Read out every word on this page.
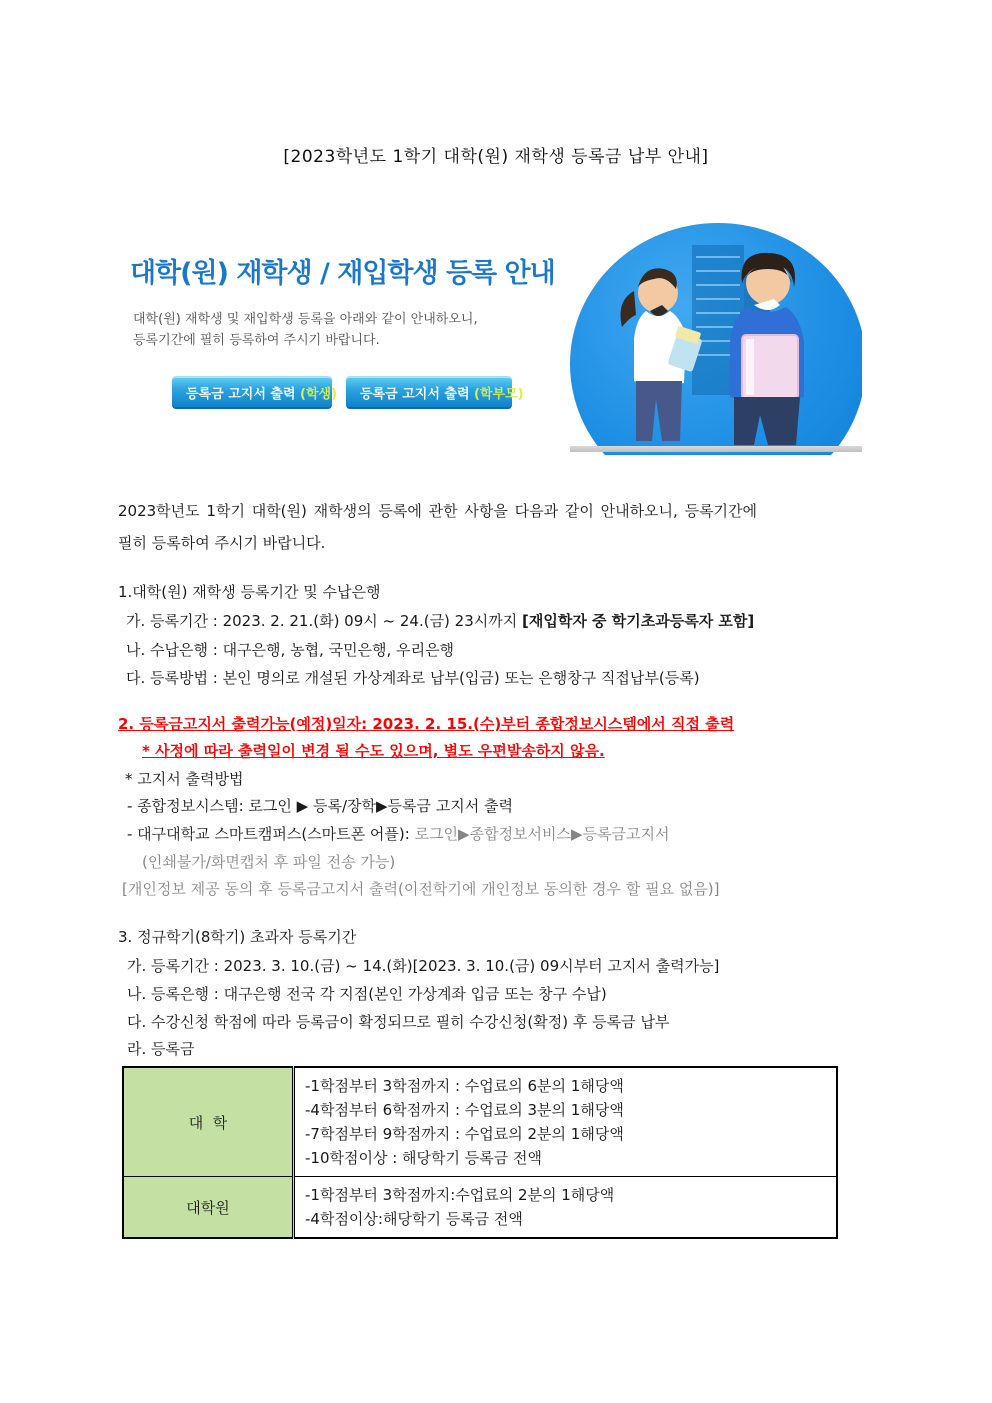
[2023학년도 1학기 대학(원) 재학생 등록금 납부 안내]
대학(원) 재학생 / 재입학생 등록 안내
대학(원) 재학생 및 재입학생 등록을 아래와 같이 안내하오니,
등록기간에 필히 등록하여 주시기 바랍니다.
등록금 고지서 출력 (학생)	등록금 고지서 출력 (학부모)
2023학년도 1학기 대학(원) 재학생의 등록에 관한 사항을 다음과 같이 안내하오니, 등록기간에
필히 등록하여 주시기 바랍니다.
1.대학(원) 재학생 등록기간 및 수납은행
가. 등록기간 : 2023. 2. 21.(화) 09시 ~ 24.(금) 23시까지 [재입학자 중 학기초과등록자 포함]
나. 수납은행 : 대구은행, 농협, 국민은행, 우리은행
다. 등록방법 : 본인 명의로 개설된 가상계좌로 납부(입금) 또는 은행창구 직접납부(등록)
2. 등록금고지서 출력가능(예정)일자: 2023. 2. 15.(수)부터 종합정보시스템에서 직접 출력
* 사정에 따라 출력일이 변경 될 수도 있으며, 별도 우편발송하지 않음.
* 고지서 출력방법
- 종합정보시스템: 로그인 ▶ 등록/장학▶등록금 고지서 출력
- 대구대학교 스마트캠퍼스(스마트폰 어플): 로그인▶종합정보서비스▶등록금고지서
(인쇄불가/화면캡처 후 파일 전송 가능)
[개인정보 제공 동의 후 등록금고지서 출력(이전학기에 개인정보 동의한 경우 할 필요 없음)]
3. 정규학기(8학기) 초과자 등록기간
가. 등록기간 : 2023. 3. 10.(금) ~ 14.(화)[2023. 3. 10.(금) 09시부터 고지서 출력가능]
나. 등록은행 : 대구은행 전국 각 지점(본인 가상계좌 입금 또는 창구 수납)
다. 수강신청 학점에 따라 등록금이 확정되므로 필히 수강신청(확정) 후 등록금 납부
라. 등록금
대  학	-1학점부터 3학점까지 : 수업료의 6분의 1해당액
-4학점부터 6학점까지 : 수업료의 3분의 1해당액
-7학점부터 9학점까지 : 수업료의 2분의 1해당액
-10학점이상 : 해당학기 등록금 전액

대학원	-1학점부터 3학점까지:수업료의 2분의 1해당액
-4학점이상:해당학기 등록금 전액
